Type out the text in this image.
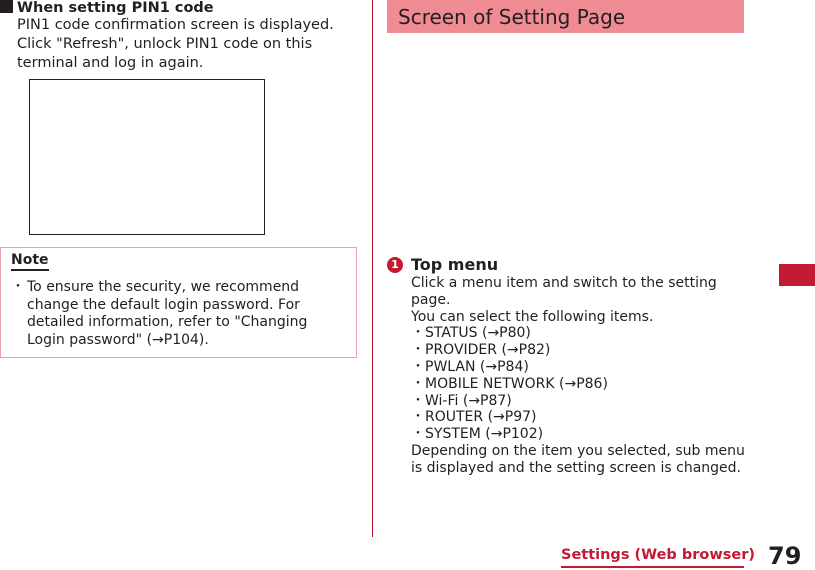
When setting PIN1 code
PIN1 code confirmation screen is displayed. Click "Refresh", unlock PIN1 code on this terminal and log in again.
Note
・ To ensure the security, we recommend change the default login password. For detailed information, refer to "Changing Login password" (→P104).
Screen of Setting Page
1 Top menu
Click a menu item and switch to the setting page.
You can select the following items.
・ STATUS (→P80)
・ PROVIDER (→P82)
・ PWLAN (→P84)
・ MOBILE NETWORK (→P86)
・ Wi-Fi (→P87)
・ ROUTER (→P97)
・ SYSTEM (→P102)
Depending on the item you selected, sub menu is displayed and the setting screen is changed.
Settings (Web browser) 79
